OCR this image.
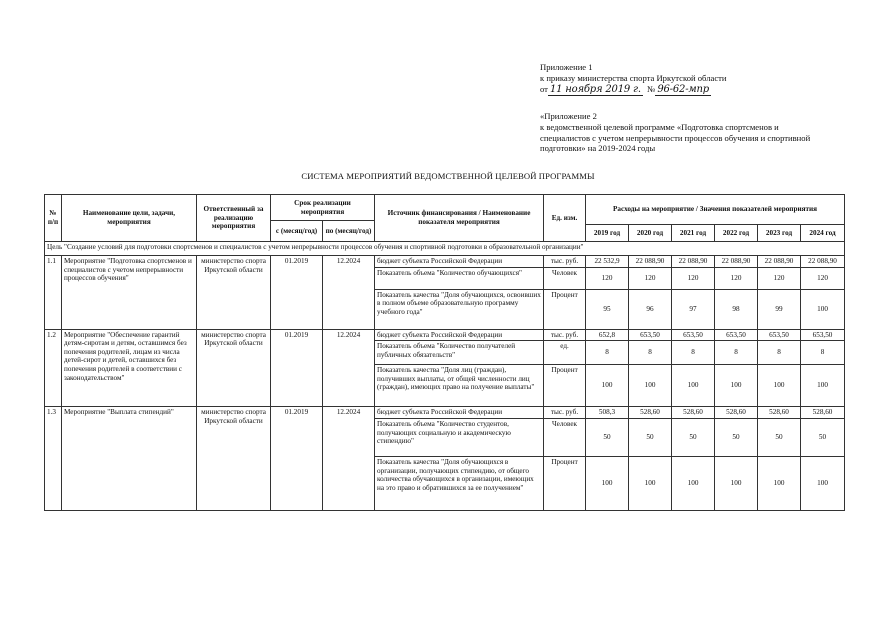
Приложение 1
к приказу министерства спорта Иркутской области
от 11 ноября 2019 г. № 96-62-мпр
«Приложение 2
к ведомственной целевой программе «Подготовка спортсменов и
специалистов с учетом непрерывности процессов обучения и спортивной
подготовки» на 2019-2024 годы
СИСТЕМА МЕРОПРИЯТИЙ ВЕДОМСТВЕННОЙ ЦЕЛЕВОЙ ПРОГРАММЫ
№ п/п	Наименование цели, задачи, мероприятия	Ответственный за реализацию мероприятия	Срок реализации мероприятия		Источник финансирования / Наименование показателя мероприятия	Ед. изм.	Расходы на мероприятие / Значения показателей мероприятия					
			с (месяц/год)	по (месяц/год)								
							2019 год	2020 год	2021 год	2022 год	2023 год	2024 год
Цель "Создание условий для подготовки спортсменов и специалистов с учетом непрерывности процессов обучения и спортивной подготовки в образовательной организации"												
1.1	Мероприятие "Подготовка спортсменов и специалистов с учетом непрерывности процессов обучения"	министерство спорта Иркутской области	01.2019	12.2024	бюджет субъекта Российской Федерации	тыс. руб.	22 532,9	22 088,90	22 088,90	22 088,90	22 088,90	22 088,90
					Показатель объема "Количество обучающихся"	Человек	120	120	120	120	120	120
					Показатель качества "Доля обучающихся, освоивших в полном объеме образовательную программу учебного года"	Процент	95	96	97	98	99	100
1.2	Мероприятие "Обеспечение гарантий детям-сиротам и детям, оставшимся без попечения родителей, лицам из числа детей-сирот и детей, оставшихся без попечения родителей в соответствии с законодательством"	министерство спорта Иркутской области	01.2019	12.2024	бюджет субъекта Российской Федерации	тыс. руб.	652,8	653,50	653,50	653,50	653,50	653,50
					Показатель объема "Количество получателей публичных обязательств"	ед.	8	8	8	8	8	8
					Показатель качества "Доля лиц (граждан), получивших выплаты, от общей численности лиц (граждан), имеющих право на получение выплаты"	Процент	100	100	100	100	100	100
1.3	Мероприятие "Выплата стипендий"	министерство спорта Иркутской области	01.2019	12.2024	бюджет субъекта Российской Федерации	тыс. руб.	508,3	528,60	528,60	528,60	528,60	528,60
					Показатель объема "Количество студентов, получающих социальную и академическую стипендию"	Человек	50	50	50	50	50	50
					Показатель качества "Доля обучающихся в организации, получающих стипендию, от общего количества обучающихся в организации, имеющих на это право и обратившихся за ее получением"	Процент	100	100	100	100	100	100
